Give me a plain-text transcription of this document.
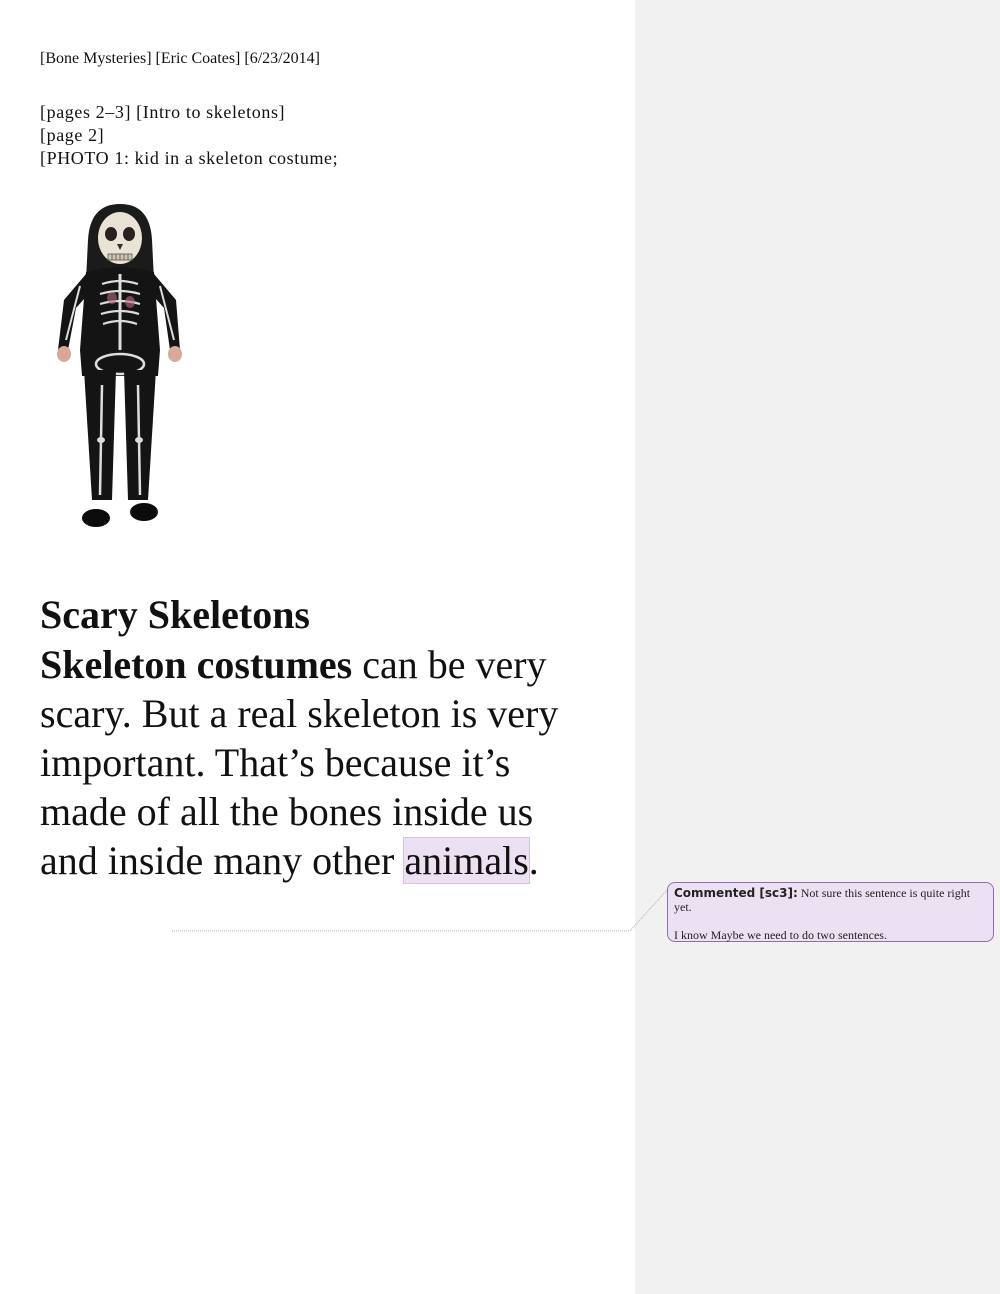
[Bone Mysteries] [Eric Coates] [6/23/2014]
[pages 2–3] [Intro to skeletons]
[page 2]
[PHOTO 1: kid in a skeleton costume;
Scary Skeletons
Skeleton costumes can be very scary. But a real skeleton is very important. That’s because it’s made of all the bones inside us and inside many other animals.
Commented [sc3]: Not sure this sentence is quite right yet.
I know Maybe we need to do two sentences.
